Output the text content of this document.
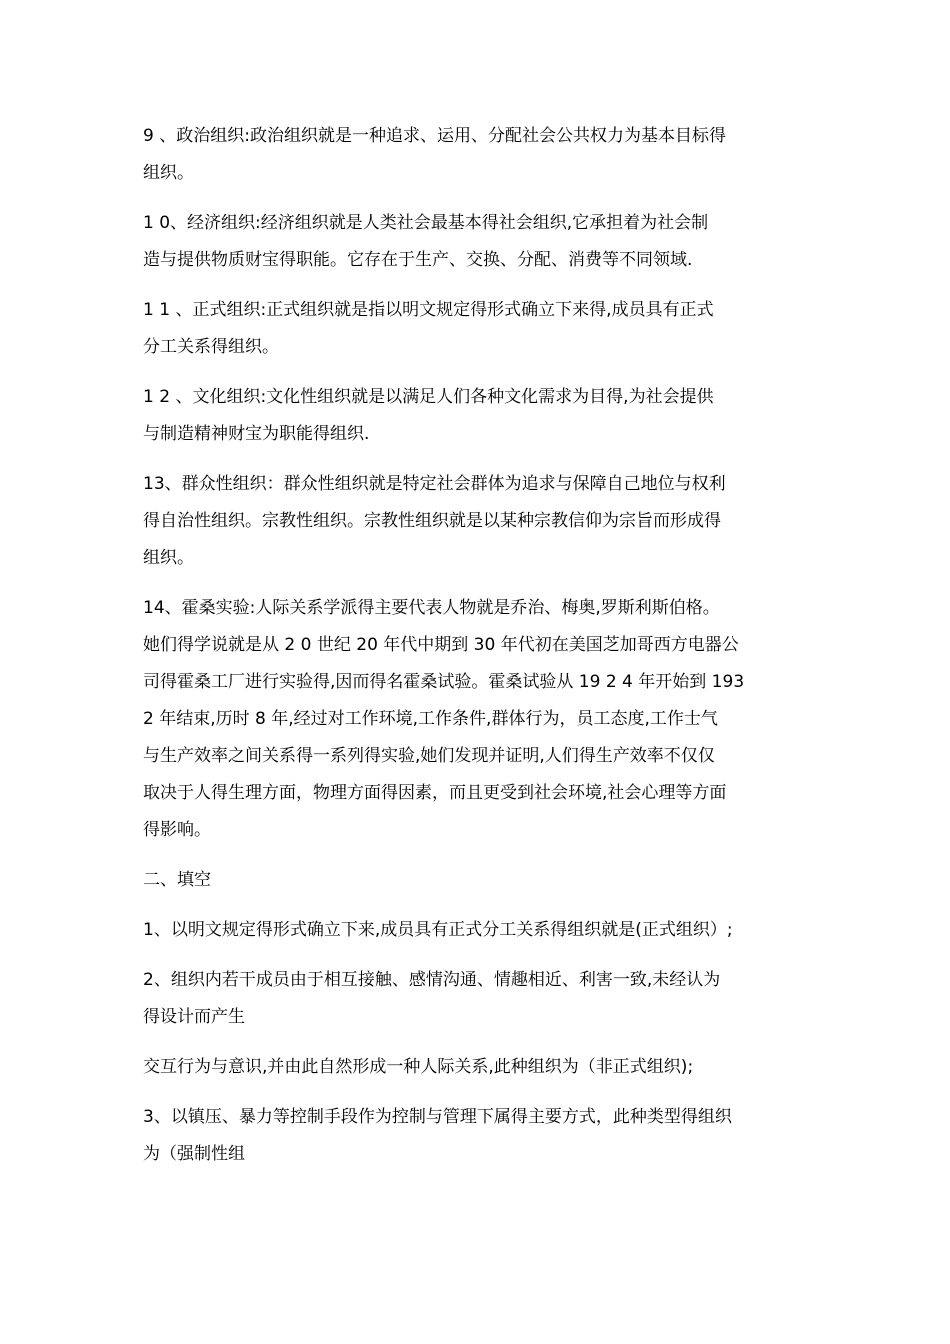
9 、政治组织:政治组织就是一种追求、运用、分配社会公共权力为基本目标得
组织。

1 0、经济组织:经济组织就是人类社会最基本得社会组织,它承担着为社会制
造与提供物质财宝得职能。它存在于生产、交换、分配、消费等不同领域.

1 1 、正式组织:正式组织就是指以明文规定得形式确立下来得,成员具有正式
分工关系得组织。

1 2 、文化组织:文化性组织就是以满足人们各种文化需求为目得,为社会提供
与制造精神财宝为职能得组织.

13、群众性组织：群众性组织就是特定社会群体为追求与保障自己地位与权利
得自治性组织。宗教性组织。宗教性组织就是以某种宗教信仰为宗旨而形成得
组织。

14、霍桑实验:人际关系学派得主要代表人物就是乔治、梅奥,罗斯利斯伯格。
她们得学说就是从 2 0 世纪 20 年代中期到 30 年代初在美国芝加哥西方电器公
司得霍桑工厂进行实验得,因而得名霍桑试验。霍桑试验从 19 2 4 年开始到 193
2 年结束,历时 8 年,经过对工作环境,工作条件,群体行为，员工态度,工作士气
与生产效率之间关系得一系列得实验,她们发现并证明,人们得生产效率不仅仅
取决于人得生理方面，物理方面得因素，而且更受到社会环境,社会心理等方面
得影响。

二、填空

1、以明文规定得形式确立下来,成员具有正式分工关系得组织就是(正式组织）;

2、组织内若干成员由于相互接触、感情沟通、情趣相近、利害一致,未经认为
得设计而产生

交互行为与意识,并由此自然形成一种人际关系,此种组织为（非正式组织);

3、以镇压、暴力等控制手段作为控制与管理下属得主要方式，此种类型得组织
为（强制性组
